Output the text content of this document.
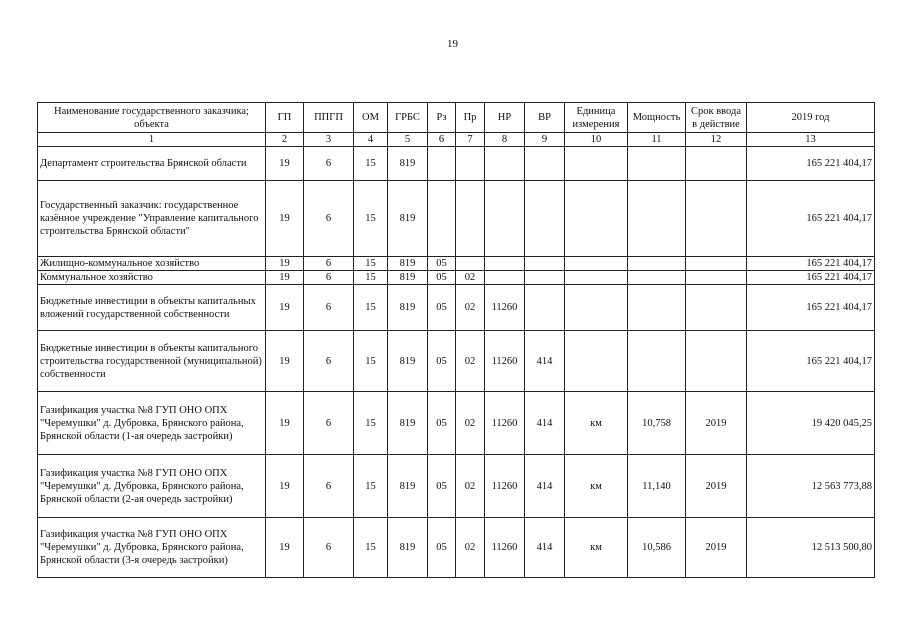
19
Наименование государственного заказчика; объекта	ГП	ППГП	ОМ	ГРБС	Рз	Пр	НР	ВР	Единица измерения	Мощность	Срок ввода в действие	2019 год
1	2	3	4	5	6	7	8	9	10	11	12	13
Департамент строительства Брянской области	19	6	15	819								165 221 404,17
Государственный заказчик: государственное казённое учреждение "Управление капитального строительства Брянской области"	19	6	15	819								165 221 404,17
Жилищно-коммунальное хозяйство	19	6	15	819	05							165 221 404,17
Коммунальное хозяйство	19	6	15	819	05	02						165 221 404,17
Бюджетные инвестиции в объекты капитальных вложений государственной собственности	19	6	15	819	05	02	11260					165 221 404,17
Бюджетные инвестиции в объекты капитального строительства государственной (муниципальной) собственности	19	6	15	819	05	02	11260	414				165 221 404,17
Газификация участка №8 ГУП ОНО ОПХ "Черемушки" д. Дубровка, Брянского района, Брянской области (1-ая очередь застройки)	19	6	15	819	05	02	11260	414	км	10,758	2019	19 420 045,25
Газификация участка №8 ГУП ОНО ОПХ "Черемушки" д. Дубровка, Брянского района, Брянской области (2-ая очередь застройки)	19	6	15	819	05	02	11260	414	км	11,140	2019	12 563 773,88
Газификация участка №8 ГУП ОНО ОПХ "Черемушки" д. Дубровка, Брянского района, Брянской области (3-я очередь застройки)	19	6	15	819	05	02	11260	414	км	10,586	2019	12 513 500,80
